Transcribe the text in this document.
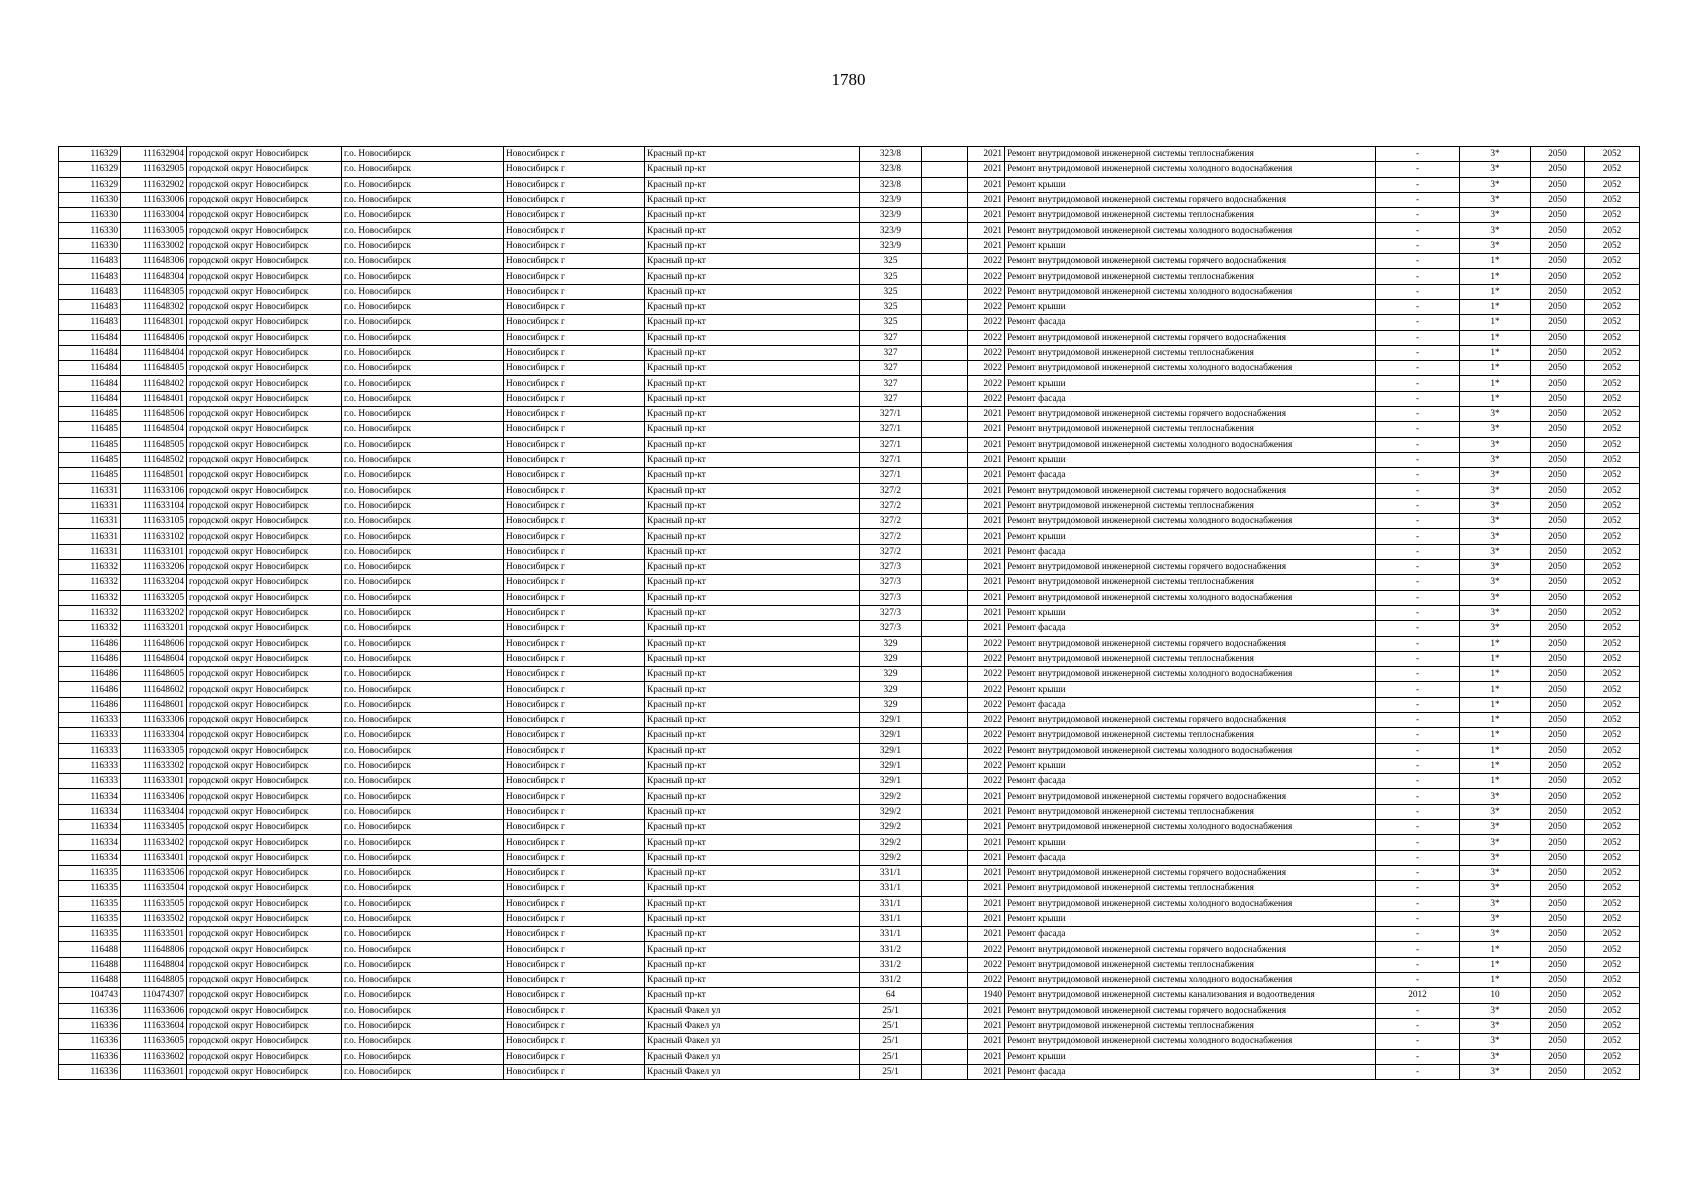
1780
116329	111632904	городской округ Новосибирск	г.о. Новосибирск	Новосибирск г	Красный пр-кт	323/8		2021	Ремонт внутридомовой инженерной системы теплоснабжения	-	3*	2050	2052
116329	111632905	городской округ Новосибирск	г.о. Новосибирск	Новосибирск г	Красный пр-кт	323/8		2021	Ремонт внутридомовой инженерной системы холодного водоснабжения	-	3*	2050	2052
116329	111632902	городской округ Новосибирск	г.о. Новосибирск	Новосибирск г	Красный пр-кт	323/8		2021	Ремонт крыши	-	3*	2050	2052
116330	111633006	городской округ Новосибирск	г.о. Новосибирск	Новосибирск г	Красный пр-кт	323/9		2021	Ремонт внутридомовой инженерной системы горячего водоснабжения	-	3*	2050	2052
116330	111633004	городской округ Новосибирск	г.о. Новосибирск	Новосибирск г	Красный пр-кт	323/9		2021	Ремонт внутридомовой инженерной системы теплоснабжения	-	3*	2050	2052
116330	111633005	городской округ Новосибирск	г.о. Новосибирск	Новосибирск г	Красный пр-кт	323/9		2021	Ремонт внутридомовой инженерной системы холодного водоснабжения	-	3*	2050	2052
116330	111633002	городской округ Новосибирск	г.о. Новосибирск	Новосибирск г	Красный пр-кт	323/9		2021	Ремонт крыши	-	3*	2050	2052
116483	111648306	городской округ Новосибирск	г.о. Новосибирск	Новосибирск г	Красный пр-кт	325		2022	Ремонт внутридомовой инженерной системы горячего водоснабжения	-	1*	2050	2052
116483	111648304	городской округ Новосибирск	г.о. Новосибирск	Новосибирск г	Красный пр-кт	325		2022	Ремонт внутридомовой инженерной системы теплоснабжения	-	1*	2050	2052
116483	111648305	городской округ Новосибирск	г.о. Новосибирск	Новосибирск г	Красный пр-кт	325		2022	Ремонт внутридомовой инженерной системы холодного водоснабжения	-	1*	2050	2052
116483	111648302	городской округ Новосибирск	г.о. Новосибирск	Новосибирск г	Красный пр-кт	325		2022	Ремонт крыши	-	1*	2050	2052
116483	111648301	городской округ Новосибирск	г.о. Новосибирск	Новосибирск г	Красный пр-кт	325		2022	Ремонт фасада	-	1*	2050	2052
116484	111648406	городской округ Новосибирск	г.о. Новосибирск	Новосибирск г	Красный пр-кт	327		2022	Ремонт внутридомовой инженерной системы горячего водоснабжения	-	1*	2050	2052
116484	111648404	городской округ Новосибирск	г.о. Новосибирск	Новосибирск г	Красный пр-кт	327		2022	Ремонт внутридомовой инженерной системы теплоснабжения	-	1*	2050	2052
116484	111648405	городской округ Новосибирск	г.о. Новосибирск	Новосибирск г	Красный пр-кт	327		2022	Ремонт внутридомовой инженерной системы холодного водоснабжения	-	1*	2050	2052
116484	111648402	городской округ Новосибирск	г.о. Новосибирск	Новосибирск г	Красный пр-кт	327		2022	Ремонт крыши	-	1*	2050	2052
116484	111648401	городской округ Новосибирск	г.о. Новосибирск	Новосибирск г	Красный пр-кт	327		2022	Ремонт фасада	-	1*	2050	2052
116485	111648506	городской округ Новосибирск	г.о. Новосибирск	Новосибирск г	Красный пр-кт	327/1		2021	Ремонт внутридомовой инженерной системы горячего водоснабжения	-	3*	2050	2052
116485	111648504	городской округ Новосибирск	г.о. Новосибирск	Новосибирск г	Красный пр-кт	327/1		2021	Ремонт внутридомовой инженерной системы теплоснабжения	-	3*	2050	2052
116485	111648505	городской округ Новосибирск	г.о. Новосибирск	Новосибирск г	Красный пр-кт	327/1		2021	Ремонт внутридомовой инженерной системы холодного водоснабжения	-	3*	2050	2052
116485	111648502	городской округ Новосибирск	г.о. Новосибирск	Новосибирск г	Красный пр-кт	327/1		2021	Ремонт крыши	-	3*	2050	2052
116485	111648501	городской округ Новосибирск	г.о. Новосибирск	Новосибирск г	Красный пр-кт	327/1		2021	Ремонт фасада	-	3*	2050	2052
116331	111633106	городской округ Новосибирск	г.о. Новосибирск	Новосибирск г	Красный пр-кт	327/2		2021	Ремонт внутридомовой инженерной системы горячего водоснабжения	-	3*	2050	2052
116331	111633104	городской округ Новосибирск	г.о. Новосибирск	Новосибирск г	Красный пр-кт	327/2		2021	Ремонт внутридомовой инженерной системы теплоснабжения	-	3*	2050	2052
116331	111633105	городской округ Новосибирск	г.о. Новосибирск	Новосибирск г	Красный пр-кт	327/2		2021	Ремонт внутридомовой инженерной системы холодного водоснабжения	-	3*	2050	2052
116331	111633102	городской округ Новосибирск	г.о. Новосибирск	Новосибирск г	Красный пр-кт	327/2		2021	Ремонт крыши	-	3*	2050	2052
116331	111633101	городской округ Новосибирск	г.о. Новосибирск	Новосибирск г	Красный пр-кт	327/2		2021	Ремонт фасада	-	3*	2050	2052
116332	111633206	городской округ Новосибирск	г.о. Новосибирск	Новосибирск г	Красный пр-кт	327/3		2021	Ремонт внутридомовой инженерной системы горячего водоснабжения	-	3*	2050	2052
116332	111633204	городской округ Новосибирск	г.о. Новосибирск	Новосибирск г	Красный пр-кт	327/3		2021	Ремонт внутридомовой инженерной системы теплоснабжения	-	3*	2050	2052
116332	111633205	городской округ Новосибирск	г.о. Новосибирск	Новосибирск г	Красный пр-кт	327/3		2021	Ремонт внутридомовой инженерной системы холодного водоснабжения	-	3*	2050	2052
116332	111633202	городской округ Новосибирск	г.о. Новосибирск	Новосибирск г	Красный пр-кт	327/3		2021	Ремонт крыши	-	3*	2050	2052
116332	111633201	городской округ Новосибирск	г.о. Новосибирск	Новосибирск г	Красный пр-кт	327/3		2021	Ремонт фасада	-	3*	2050	2052
116486	111648606	городской округ Новосибирск	г.о. Новосибирск	Новосибирск г	Красный пр-кт	329		2022	Ремонт внутридомовой инженерной системы горячего водоснабжения	-	1*	2050	2052
116486	111648604	городской округ Новосибирск	г.о. Новосибирск	Новосибирск г	Красный пр-кт	329		2022	Ремонт внутридомовой инженерной системы теплоснабжения	-	1*	2050	2052
116486	111648605	городской округ Новосибирск	г.о. Новосибирск	Новосибирск г	Красный пр-кт	329		2022	Ремонт внутридомовой инженерной системы холодного водоснабжения	-	1*	2050	2052
116486	111648602	городской округ Новосибирск	г.о. Новосибирск	Новосибирск г	Красный пр-кт	329		2022	Ремонт крыши	-	1*	2050	2052
116486	111648601	городской округ Новосибирск	г.о. Новосибирск	Новосибирск г	Красный пр-кт	329		2022	Ремонт фасада	-	1*	2050	2052
116333	111633306	городской округ Новосибирск	г.о. Новосибирск	Новосибирск г	Красный пр-кт	329/1		2022	Ремонт внутридомовой инженерной системы горячего водоснабжения	-	1*	2050	2052
116333	111633304	городской округ Новосибирск	г.о. Новосибирск	Новосибирск г	Красный пр-кт	329/1		2022	Ремонт внутридомовой инженерной системы теплоснабжения	-	1*	2050	2052
116333	111633305	городской округ Новосибирск	г.о. Новосибирск	Новосибирск г	Красный пр-кт	329/1		2022	Ремонт внутридомовой инженерной системы холодного водоснабжения	-	1*	2050	2052
116333	111633302	городской округ Новосибирск	г.о. Новосибирск	Новосибирск г	Красный пр-кт	329/1		2022	Ремонт крыши	-	1*	2050	2052
116333	111633301	городской округ Новосибирск	г.о. Новосибирск	Новосибирск г	Красный пр-кт	329/1		2022	Ремонт фасада	-	1*	2050	2052
116334	111633406	городской округ Новосибирск	г.о. Новосибирск	Новосибирск г	Красный пр-кт	329/2		2021	Ремонт внутридомовой инженерной системы горячего водоснабжения	-	3*	2050	2052
116334	111633404	городской округ Новосибирск	г.о. Новосибирск	Новосибирск г	Красный пр-кт	329/2		2021	Ремонт внутридомовой инженерной системы теплоснабжения	-	3*	2050	2052
116334	111633405	городской округ Новосибирск	г.о. Новосибирск	Новосибирск г	Красный пр-кт	329/2		2021	Ремонт внутридомовой инженерной системы холодного водоснабжения	-	3*	2050	2052
116334	111633402	городской округ Новосибирск	г.о. Новосибирск	Новосибирск г	Красный пр-кт	329/2		2021	Ремонт крыши	-	3*	2050	2052
116334	111633401	городской округ Новосибирск	г.о. Новосибирск	Новосибирск г	Красный пр-кт	329/2		2021	Ремонт фасада	-	3*	2050	2052
116335	111633506	городской округ Новосибирск	г.о. Новосибирск	Новосибирск г	Красный пр-кт	331/1		2021	Ремонт внутридомовой инженерной системы горячего водоснабжения	-	3*	2050	2052
116335	111633504	городской округ Новосибирск	г.о. Новосибирск	Новосибирск г	Красный пр-кт	331/1		2021	Ремонт внутридомовой инженерной системы теплоснабжения	-	3*	2050	2052
116335	111633505	городской округ Новосибирск	г.о. Новосибирск	Новосибирск г	Красный пр-кт	331/1		2021	Ремонт внутридомовой инженерной системы холодного водоснабжения	-	3*	2050	2052
116335	111633502	городской округ Новосибирск	г.о. Новосибирск	Новосибирск г	Красный пр-кт	331/1		2021	Ремонт крыши	-	3*	2050	2052
116335	111633501	городской округ Новосибирск	г.о. Новосибирск	Новосибирск г	Красный пр-кт	331/1		2021	Ремонт фасада	-	3*	2050	2052
116488	111648806	городской округ Новосибирск	г.о. Новосибирск	Новосибирск г	Красный пр-кт	331/2		2022	Ремонт внутридомовой инженерной системы горячего водоснабжения	-	1*	2050	2052
116488	111648804	городской округ Новосибирск	г.о. Новосибирск	Новосибирск г	Красный пр-кт	331/2		2022	Ремонт внутридомовой инженерной системы теплоснабжения	-	1*	2050	2052
116488	111648805	городской округ Новосибирск	г.о. Новосибирск	Новосибирск г	Красный пр-кт	331/2		2022	Ремонт внутридомовой инженерной системы холодного водоснабжения	-	1*	2050	2052
104743	110474307	городской округ Новосибирск	г.о. Новосибирск	Новосибирск г	Красный пр-кт	64		1940	Ремонт внутридомовой инженерной системы канализования и водоотведения	2012	10	2050	2052
116336	111633606	городской округ Новосибирск	г.о. Новосибирск	Новосибирск г	Красный Факел ул	25/1		2021	Ремонт внутридомовой инженерной системы горячего водоснабжения	-	3*	2050	2052
116336	111633604	городской округ Новосибирск	г.о. Новосибирск	Новосибирск г	Красный Факел ул	25/1		2021	Ремонт внутридомовой инженерной системы теплоснабжения	-	3*	2050	2052
116336	111633605	городской округ Новосибирск	г.о. Новосибирск	Новосибирск г	Красный Факел ул	25/1		2021	Ремонт внутридомовой инженерной системы холодного водоснабжения	-	3*	2050	2052
116336	111633602	городской округ Новосибирск	г.о. Новосибирск	Новосибирск г	Красный Факел ул	25/1		2021	Ремонт крыши	-	3*	2050	2052
116336	111633601	городской округ Новосибирск	г.о. Новосибирск	Новосибирск г	Красный Факел ул	25/1		2021	Ремонт фасада	-	3*	2050	2052
